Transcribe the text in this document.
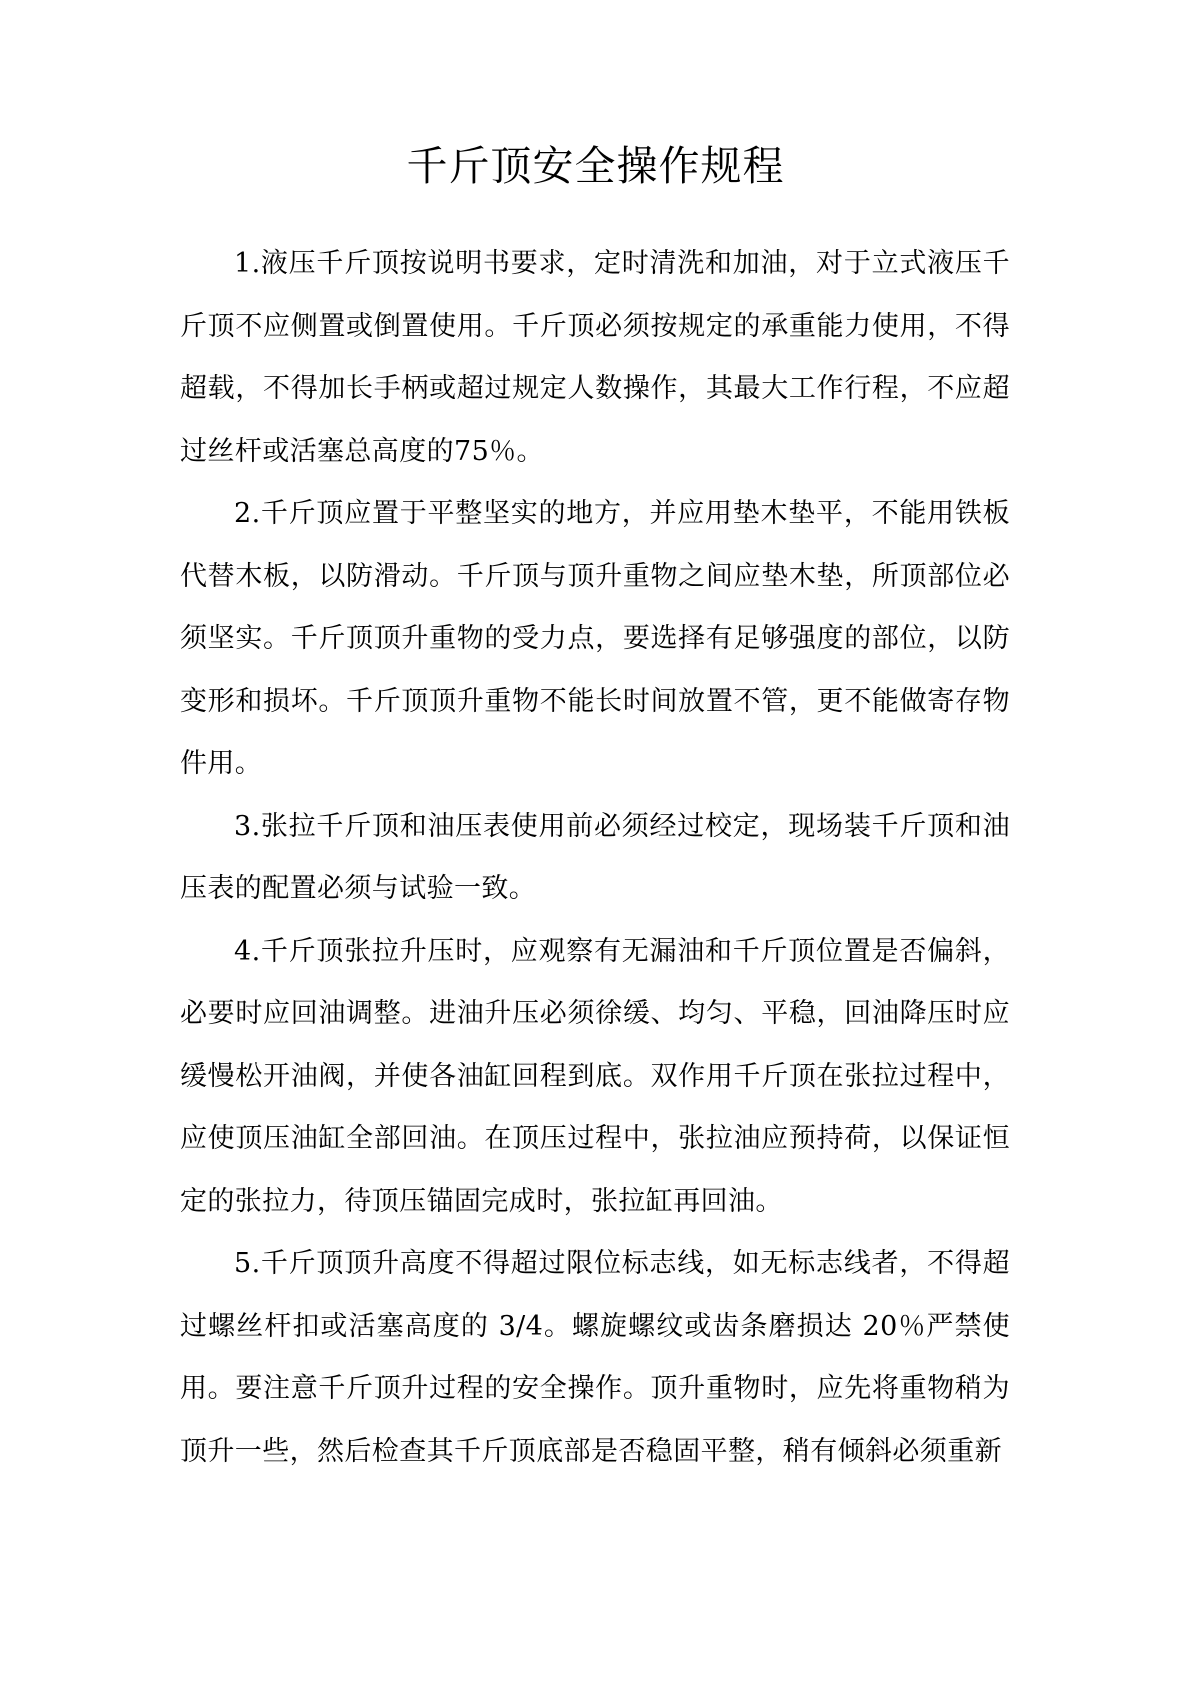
千斤顶安全操作规程

1.液压千斤顶按说明书要求，定时清洗和加油，对于立式液压千斤顶不应侧置或倒置使用。千斤顶必须按规定的承重能力使用，不得超载，不得加长手柄或超过规定人数操作，其最大工作行程，不应超过丝杆或活塞总高度的75％。

2.千斤顶应置于平整坚实的地方，并应用垫木垫平，不能用铁板代替木板，以防滑动。千斤顶与顶升重物之间应垫木垫，所顶部位必须坚实。千斤顶顶升重物的受力点，要选择有足够强度的部位，以防变形和损坏。千斤顶顶升重物不能长时间放置不管，更不能做寄存物件用。

3.张拉千斤顶和油压表使用前必须经过校定，现场装千斤顶和油压表的配置必须与试验一致。

4.千斤顶张拉升压时，应观察有无漏油和千斤顶位置是否偏斜，必要时应回油调整。进油升压必须徐缓、均匀、平稳，回油降压时应缓慢松开油阀，并使各油缸回程到底。双作用千斤顶在张拉过程中，应使顶压油缸全部回油。在顶压过程中，张拉油应预持荷，以保证恒定的张拉力，待顶压锚固完成时，张拉缸再回油。

5.千斤顶顶升高度不得超过限位标志线，如无标志线者，不得超过螺丝杆扣或活塞高度的 3/4。螺旋螺纹或齿条磨损达 20％严禁使用。要注意千斤顶升过程的安全操作。顶升重物时，应先将重物稍为顶升一些，然后检查其千斤顶底部是否稳固平整，稍有倾斜必须重新
